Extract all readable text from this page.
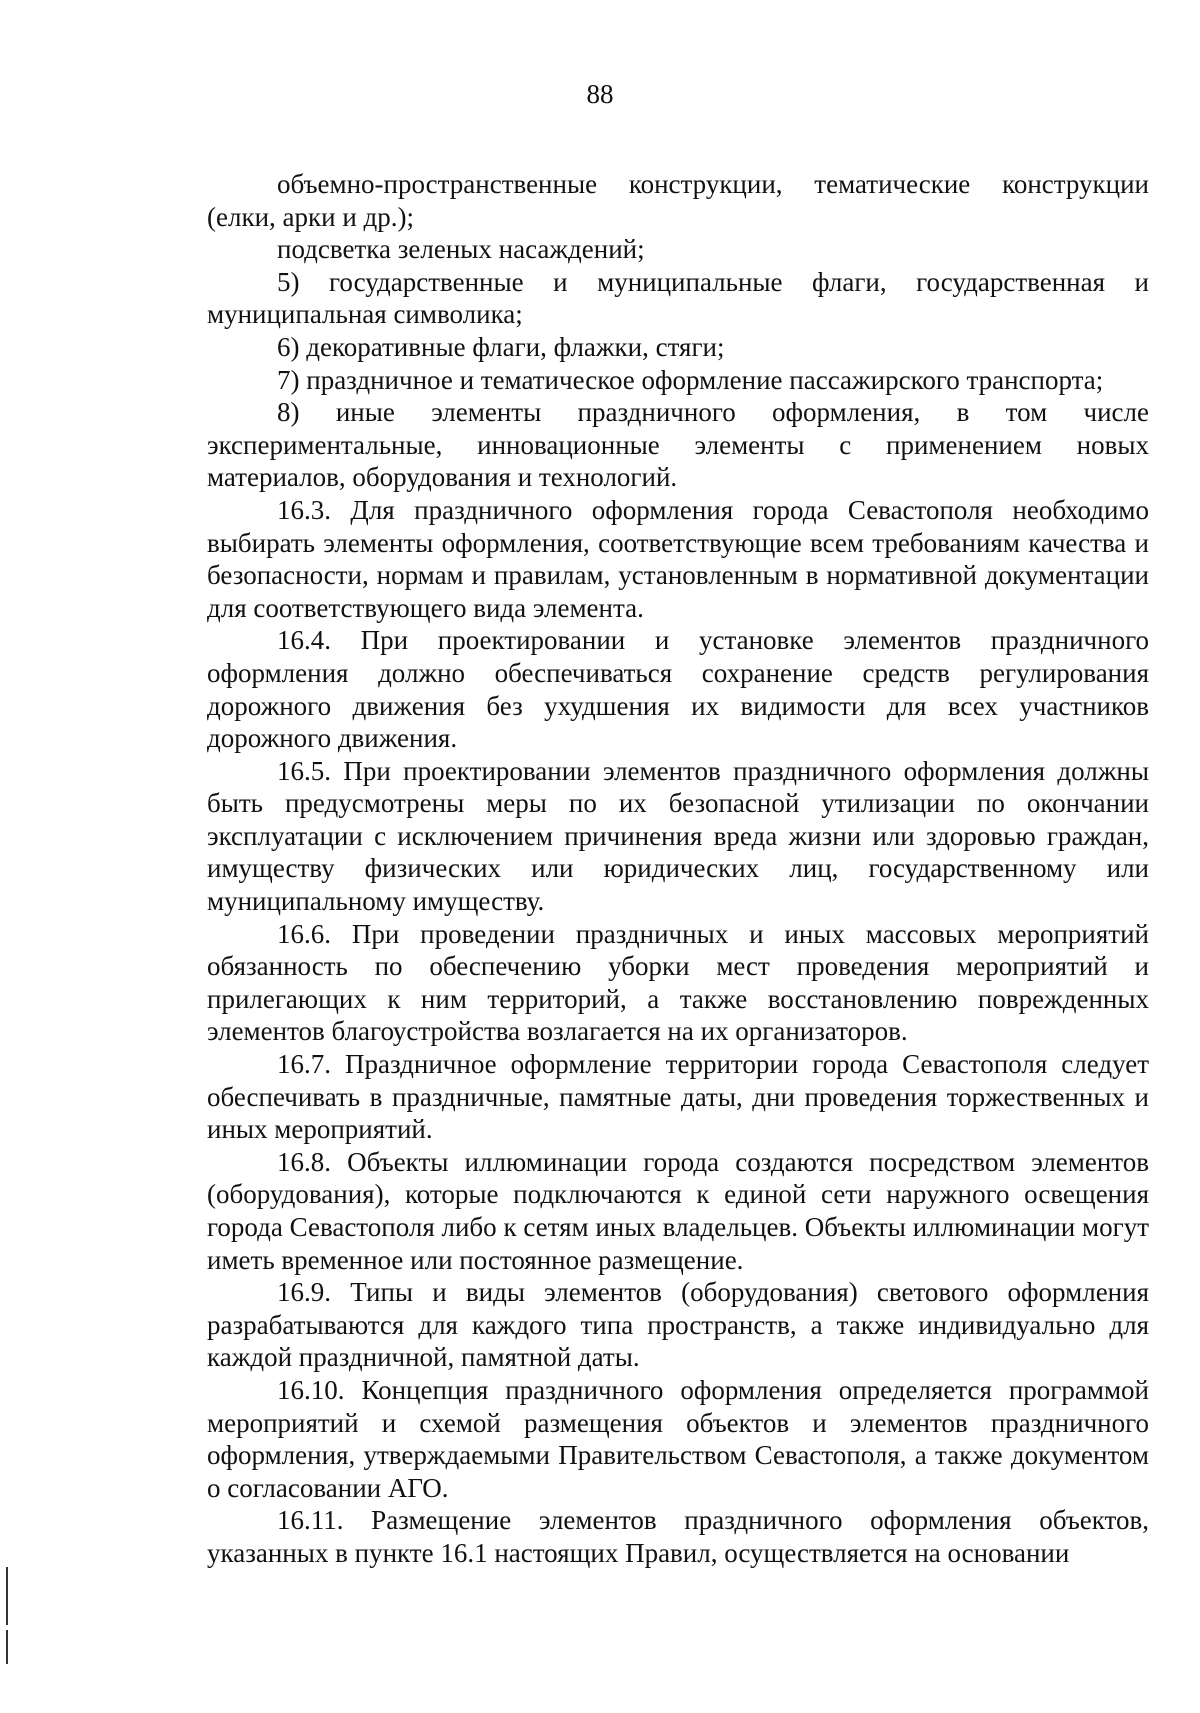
88

объемно-пространственные конструкции, тематические конструкции (елки, арки и др.);

подсветка зеленых насаждений;

5) государственные и муниципальные флаги, государственная и муниципальная символика;

6) декоративные флаги, флажки, стяги;

7) праздничное и тематическое оформление пассажирского транспорта;

8) иные элементы праздничного оформления, в том числе экспериментальные, инновационные элементы с применением новых материалов, оборудования и технологий.

16.3. Для праздничного оформления города Севастополя необходимо выбирать элементы оформления, соответствующие всем требованиям качества и безопасности, нормам и правилам, установленным в нормативной документации для соответствующего вида элемента.

16.4. При проектировании и установке элементов праздничного оформления должно обеспечиваться сохранение средств регулирования дорожного движения без ухудшения их видимости для всех участников дорожного движения.

16.5. При проектировании элементов праздничного оформления должны быть предусмотрены меры по их безопасной утилизации по окончании эксплуатации с исключением причинения вреда жизни или здоровью граждан, имуществу физических или юридических лиц, государственному или муниципальному имуществу.

16.6. При проведении праздничных и иных массовых мероприятий обязанность по обеспечению уборки мест проведения мероприятий и прилегающих к ним территорий, а также восстановлению поврежденных элементов благоустройства возлагается на их организаторов.

16.7. Праздничное оформление территории города Севастополя следует обеспечивать в праздничные, памятные даты, дни проведения торжественных и иных мероприятий.

16.8. Объекты иллюминации города создаются посредством элементов (оборудования), которые подключаются к единой сети наружного освещения города Севастополя либо к сетям иных владельцев. Объекты иллюминации могут иметь временное или постоянное размещение.

16.9. Типы и виды элементов (оборудования) светового оформления разрабатываются для каждого типа пространств, а также индивидуально для каждой праздничной, памятной даты.

16.10. Концепция праздничного оформления определяется программой мероприятий и схемой размещения объектов и элементов праздничного оформления, утверждаемыми Правительством Севастополя, а также документом о согласовании АГО.

16.11. Размещение элементов праздничного оформления объектов, указанных в пункте 16.1 настоящих Правил, осуществляется на основании
